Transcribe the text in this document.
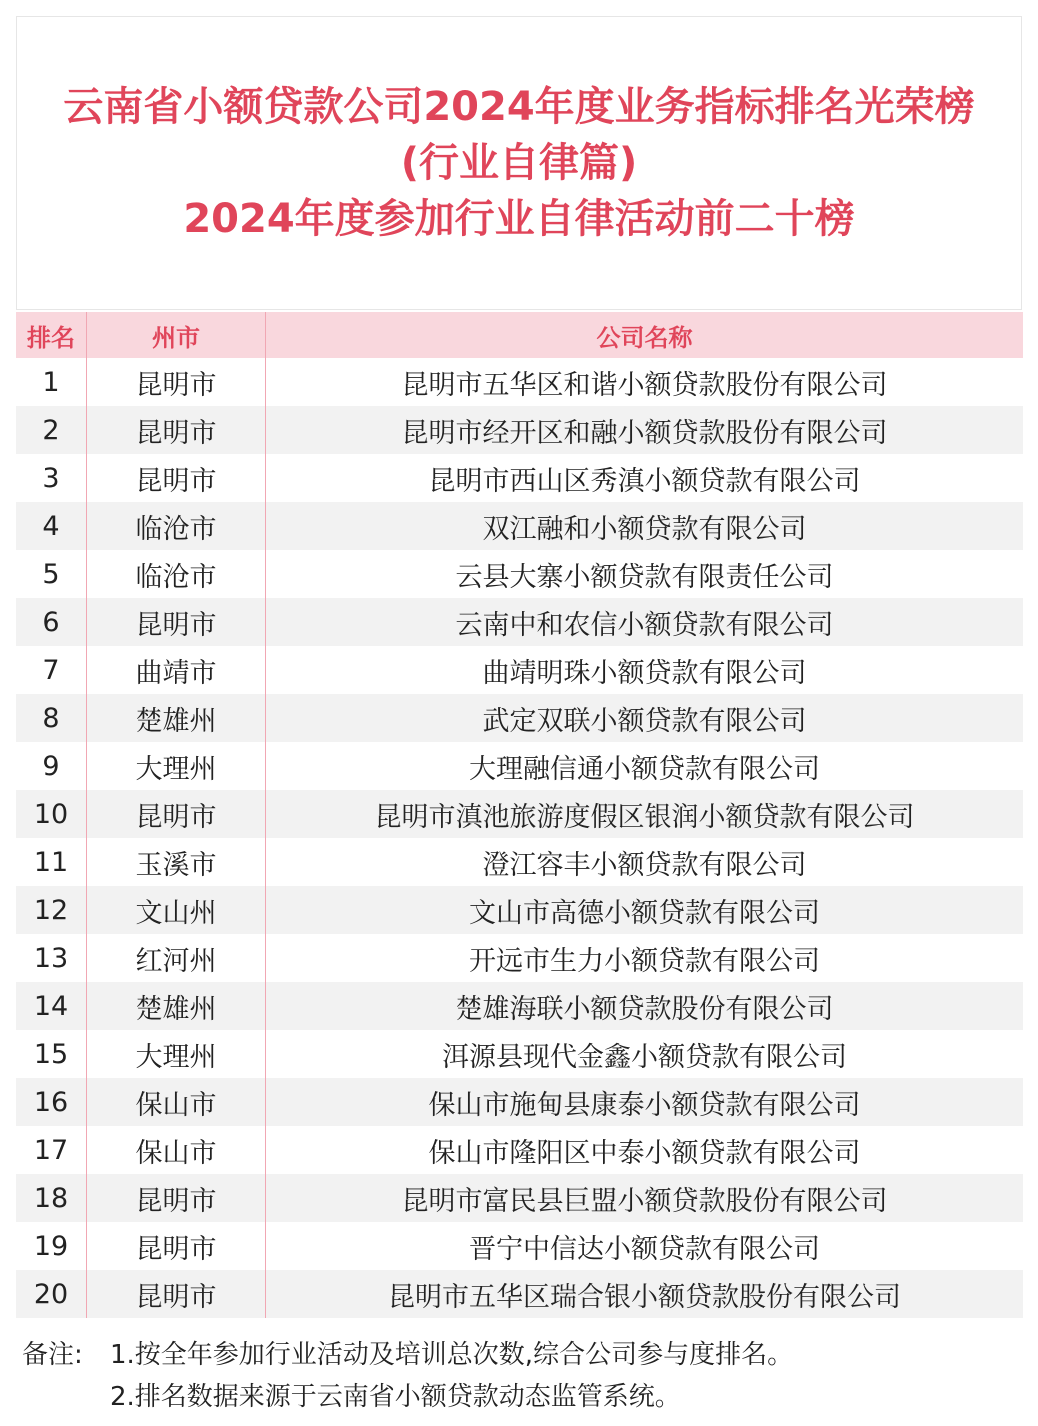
云南省小额贷款公司2024年度业务指标排名光荣榜
(行业自律篇)
2024年度参加行业自律活动前二十榜
排名	州市	公司名称
1	昆明市	昆明市五华区和谐小额贷款股份有限公司
2	昆明市	昆明市经开区和融小额贷款股份有限公司
3	昆明市	昆明市西山区秀滇小额贷款有限公司
4	临沧市	双江融和小额贷款有限公司
5	临沧市	云县大寨小额贷款有限责任公司
6	昆明市	云南中和农信小额贷款有限公司
7	曲靖市	曲靖明珠小额贷款有限公司
8	楚雄州	武定双联小额贷款有限公司
9	大理州	大理融信通小额贷款有限公司
10	昆明市	昆明市滇池旅游度假区银润小额贷款有限公司
11	玉溪市	澄江容丰小额贷款有限公司
12	文山州	文山市高德小额贷款有限公司
13	红河州	开远市生力小额贷款有限公司
14	楚雄州	楚雄海联小额贷款股份有限公司
15	大理州	洱源县现代金鑫小额贷款有限公司
16	保山市	保山市施甸县康泰小额贷款有限公司
17	保山市	保山市隆阳区中泰小额贷款有限公司
18	昆明市	昆明市富民县巨盟小额贷款股份有限公司
19	昆明市	晋宁中信达小额贷款有限公司
20	昆明市	昆明市五华区瑞合银小额贷款股份有限公司
备注:	1.按全年参加行业活动及培训总次数,综合公司参与度排名。
2.排名数据来源于云南省小额贷款动态监管系统。
